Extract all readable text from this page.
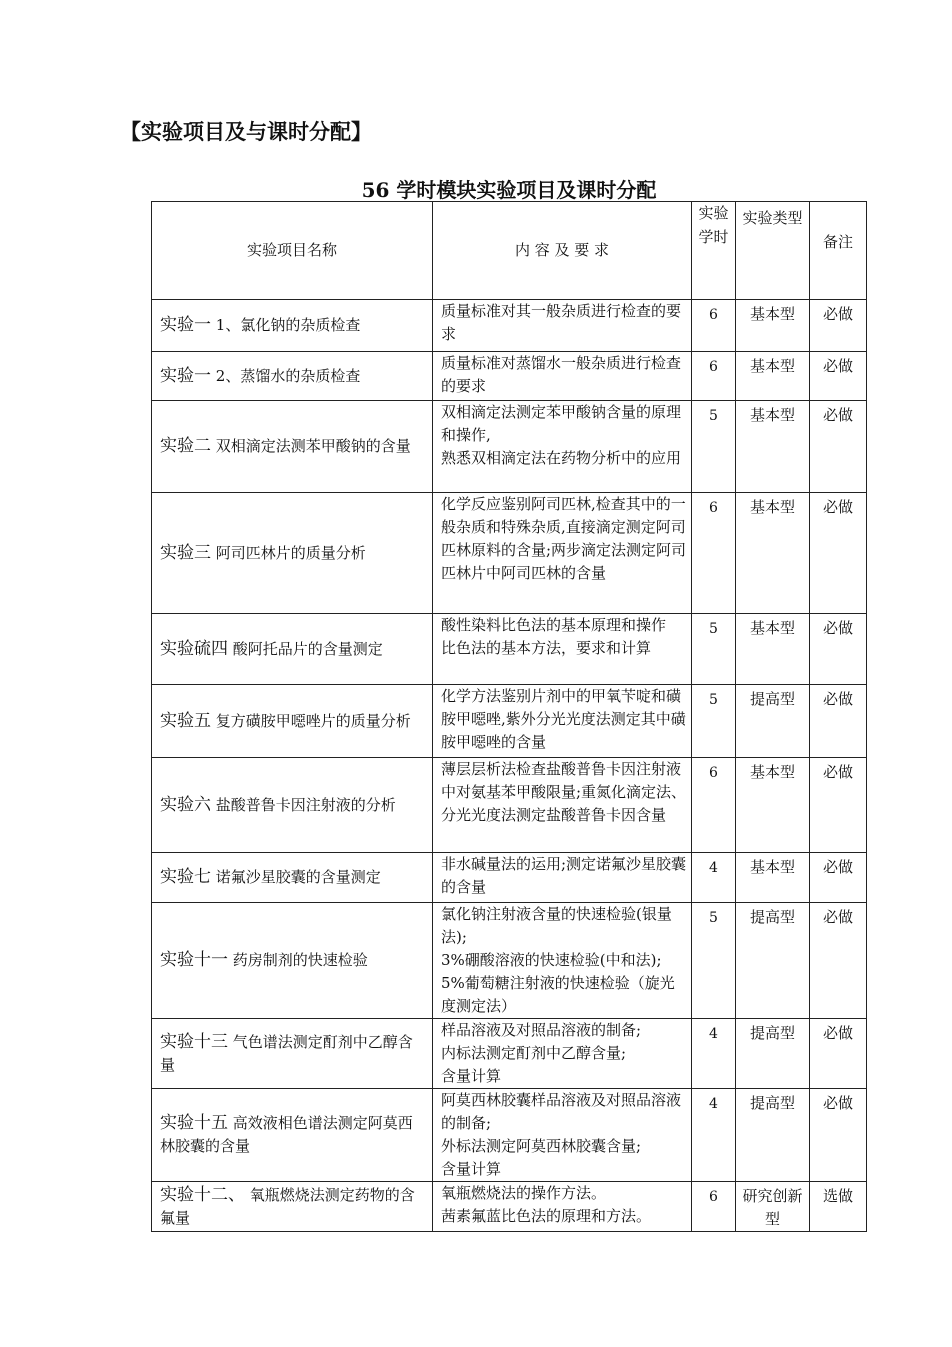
【实验项目及与课时分配】
56 学时模块实验项目及课时分配
实验项目名称	内 容 及 要 求	实验学时	实验类型	备注
实验一 1、氯化钠的杂质检查	质量标准对其一般杂质进行检查的要求	6	基本型	必做
实验一 2、蒸馏水的杂质检查	质量标准对蒸馏水一般杂质进行检查的要求	6	基本型	必做
实验二 双相滴定法测苯甲酸钠的含量	双相滴定法测定苯甲酸钠含量的原理和操作,
熟悉双相滴定法在药物分析中的应用	5	基本型	必做
实验三 阿司匹林片的质量分析	化学反应鉴别阿司匹林,检查其中的一般杂质和特殊杂质,直接滴定测定阿司匹林原料的含量;两步滴定法测定阿司匹林片中阿司匹林的含量	6	基本型	必做
实验硫四 酸阿托品片的含量测定	酸性染料比色法的基本原理和操作
比色法的基本方法，要求和计算	5	基本型	必做
实验五 复方磺胺甲噁唑片的质量分析	化学方法鉴别片剂中的甲氧苄啶和磺胺甲噁唑,紫外分光光度法测定其中磺胺甲噁唑的含量	5	提高型	必做
实验六 盐酸普鲁卡因注射液的分析	薄层层析法检查盐酸普鲁卡因注射液中对氨基苯甲酸限量;重氮化滴定法、分光光度法测定盐酸普鲁卡因含量	6	基本型	必做
实验七 诺氟沙星胶囊的含量测定	非水碱量法的运用;测定诺氟沙星胶囊的含量	4	基本型	必做
实验十一 药房制剂的快速检验	氯化钠注射液含量的快速检验(银量法);
3%硼酸溶液的快速检验(中和法);
5%葡萄糖注射液的快速检验（旋光度测定法）	5	提高型	必做
实验十三 气色谱法测定酊剂中乙醇含量	样品溶液及对照品溶液的制备;
内标法测定酊剂中乙醇含量;
含量计算	4	提高型	必做
实验十五 高效液相色谱法测定阿莫西林胶囊的含量	阿莫西林胶囊样品溶液及对照品溶液的制备;
外标法测定阿莫西林胶囊含量;
含量计算	4	提高型	必做
实验十二、 氧瓶燃烧法测定药物的含氟量	氧瓶燃烧法的操作方法。
茜素氟蓝比色法的原理和方法。	6	研究创新型	选做
